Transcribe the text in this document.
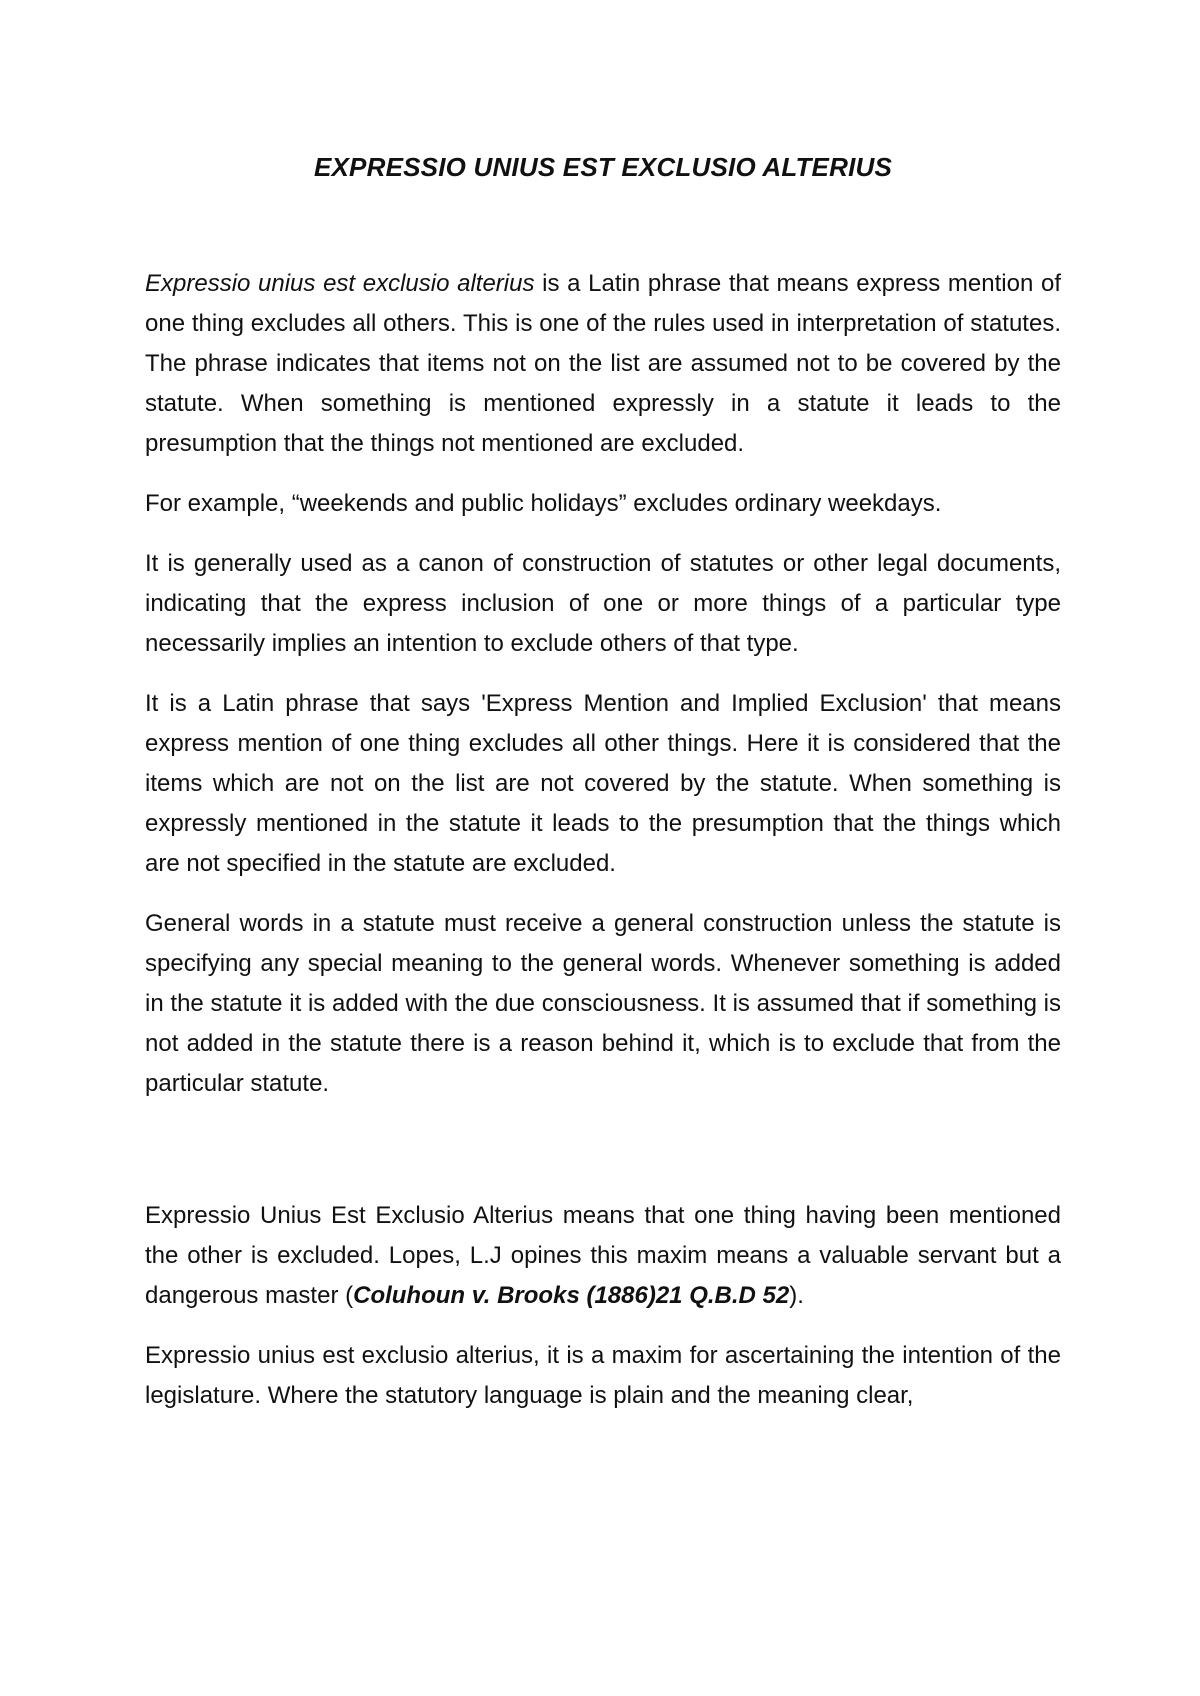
EXPRESSIO UNIUS EST EXCLUSIO ALTERIUS

Expressio unius est exclusio alterius is a Latin phrase that means express mention of one thing excludes all others. This is one of the rules used in interpretation of statutes. The phrase indicates that items not on the list are assumed not to be covered by the statute. When something is mentioned expressly in a statute it leads to the presumption that the things not mentioned are excluded.

For example, “weekends and public holidays” excludes ordinary weekdays.

It is generally used as a canon of construction of statutes or other legal documents, indicating that the express inclusion of one or more things of a particular type necessarily implies an intention to exclude others of that type.

It is a Latin phrase that says 'Express Mention and Implied Exclusion' that means express mention of one thing excludes all other things. Here it is considered that the items which are not on the list are not covered by the statute. When something is expressly mentioned in the statute it leads to the presumption that the things which are not specified in the statute are excluded.

General words in a statute must receive a general construction unless the statute is specifying any special meaning to the general words. Whenever something is added in the statute it is added with the due consciousness. It is assumed that if something is not added in the statute there is a reason behind it, which is to exclude that from the particular statute.

Expressio Unius Est Exclusio Alterius means that one thing having been mentioned the other is excluded. Lopes, L.J opines this maxim means a valuable servant but a dangerous master (Coluhoun v. Brooks (1886)21 Q.B.D 52).

Expressio unius est exclusio alterius, it is a maxim for ascertaining the intention of the legislature. Where the statutory language is plain and the meaning clear,
